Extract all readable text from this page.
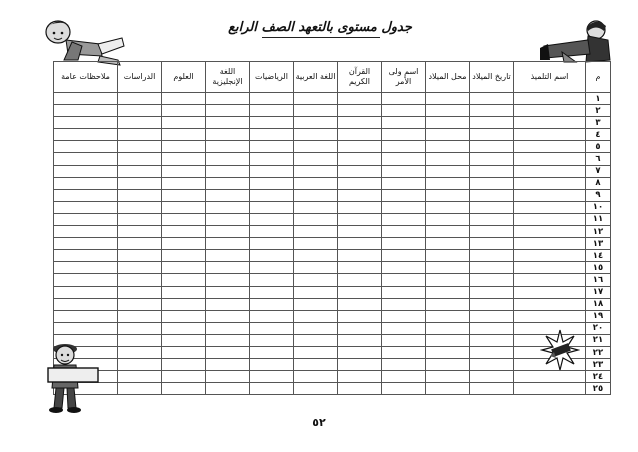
جدول مستوى بالتعهد الصف الرابع
م	اسم التلميذ	تاريخ الميلاد	محل الميلاد	اسم ولى الأمر	القرآن الكريم	اللغة العربية	الرياضيات	اللغة الإنجليزية	العلوم	الدراسات	ملاحظات عامة
١											
٢											
٣											
٤											
٥											
٦											
٧											
٨											
٩											
١٠											
١١											
١٢											
١٣											
١٤											
١٥											
١٦											
١٧											
١٨											
١٩											
٢٠											
٢١											
٢٢											
٢٣											
٢٤											
٢٥											
٥٢
